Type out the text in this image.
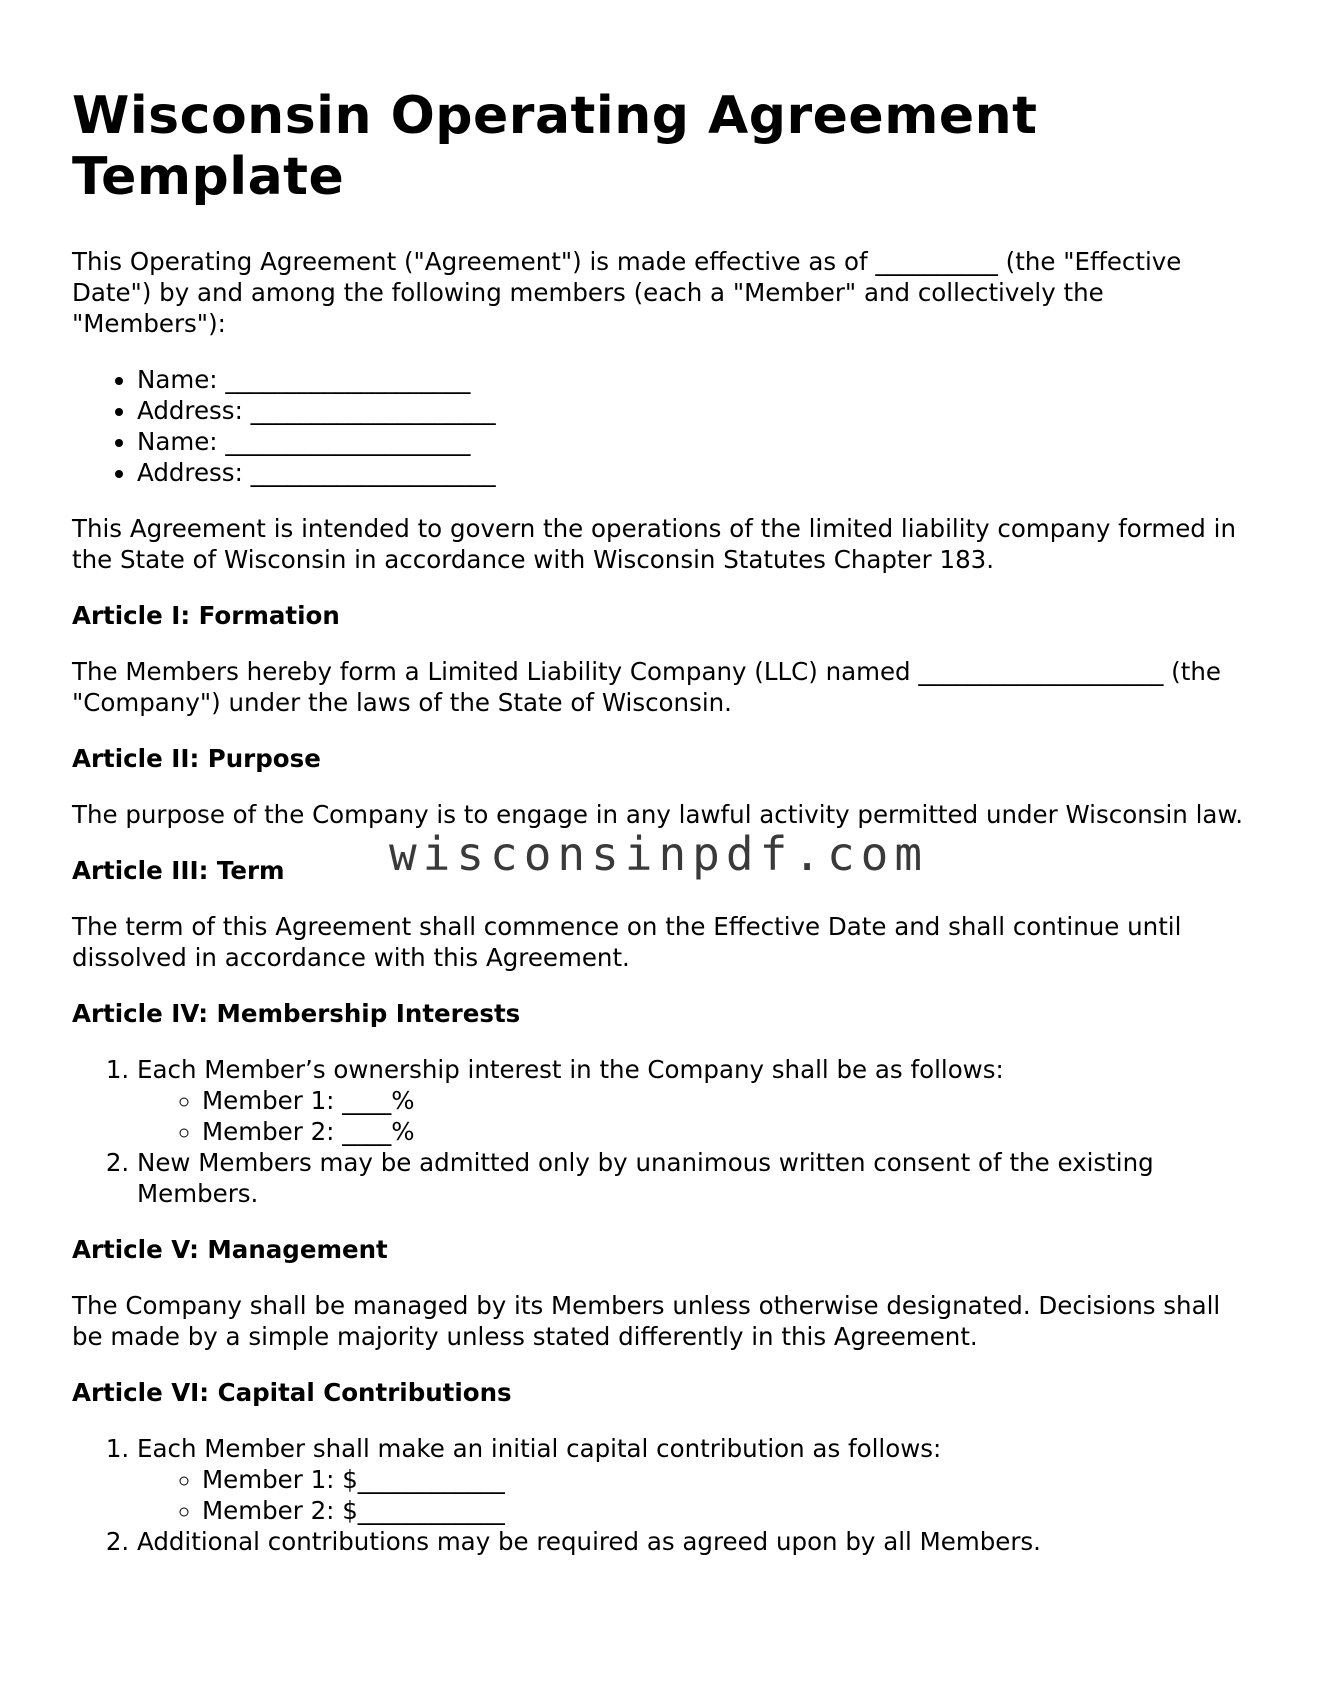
Wisconsin Operating Agreement Template

This Operating Agreement ("Agreement") is made effective as of __________ (the "Effective Date") by and among the following members (each a "Member" and collectively the "Members"):

• Name: ____________________
• Address: ____________________
• Name: ____________________
• Address: ____________________

This Agreement is intended to govern the operations of the limited liability company formed in the State of Wisconsin in accordance with Wisconsin Statutes Chapter 183.

Article I: Formation

The Members hereby form a Limited Liability Company (LLC) named ____________________ (the "Company") under the laws of the State of Wisconsin.

Article II: Purpose

The purpose of the Company is to engage in any lawful activity permitted under Wisconsin law.

Article III: Term

The term of this Agreement shall commence on the Effective Date and shall continue until dissolved in accordance with this Agreement.

Article IV: Membership Interests
1. Each Member’s ownership interest in the Company shall be as follows:
◦ Member 1: ____%
◦ Member 2: ____%
2. New Members may be admitted only by unanimous written consent of the existing Members.
Article V: Management

The Company shall be managed by its Members unless otherwise designated. Decisions shall be made by a simple majority unless stated differently in this Agreement.

Article VI: Capital Contributions
1. Each Member shall make an initial capital contribution as follows:
◦ Member 1: $____________
◦ Member 2: $____________
2. Additional contributions may be required as agreed upon by all Members.
wisconsinpdf.com
